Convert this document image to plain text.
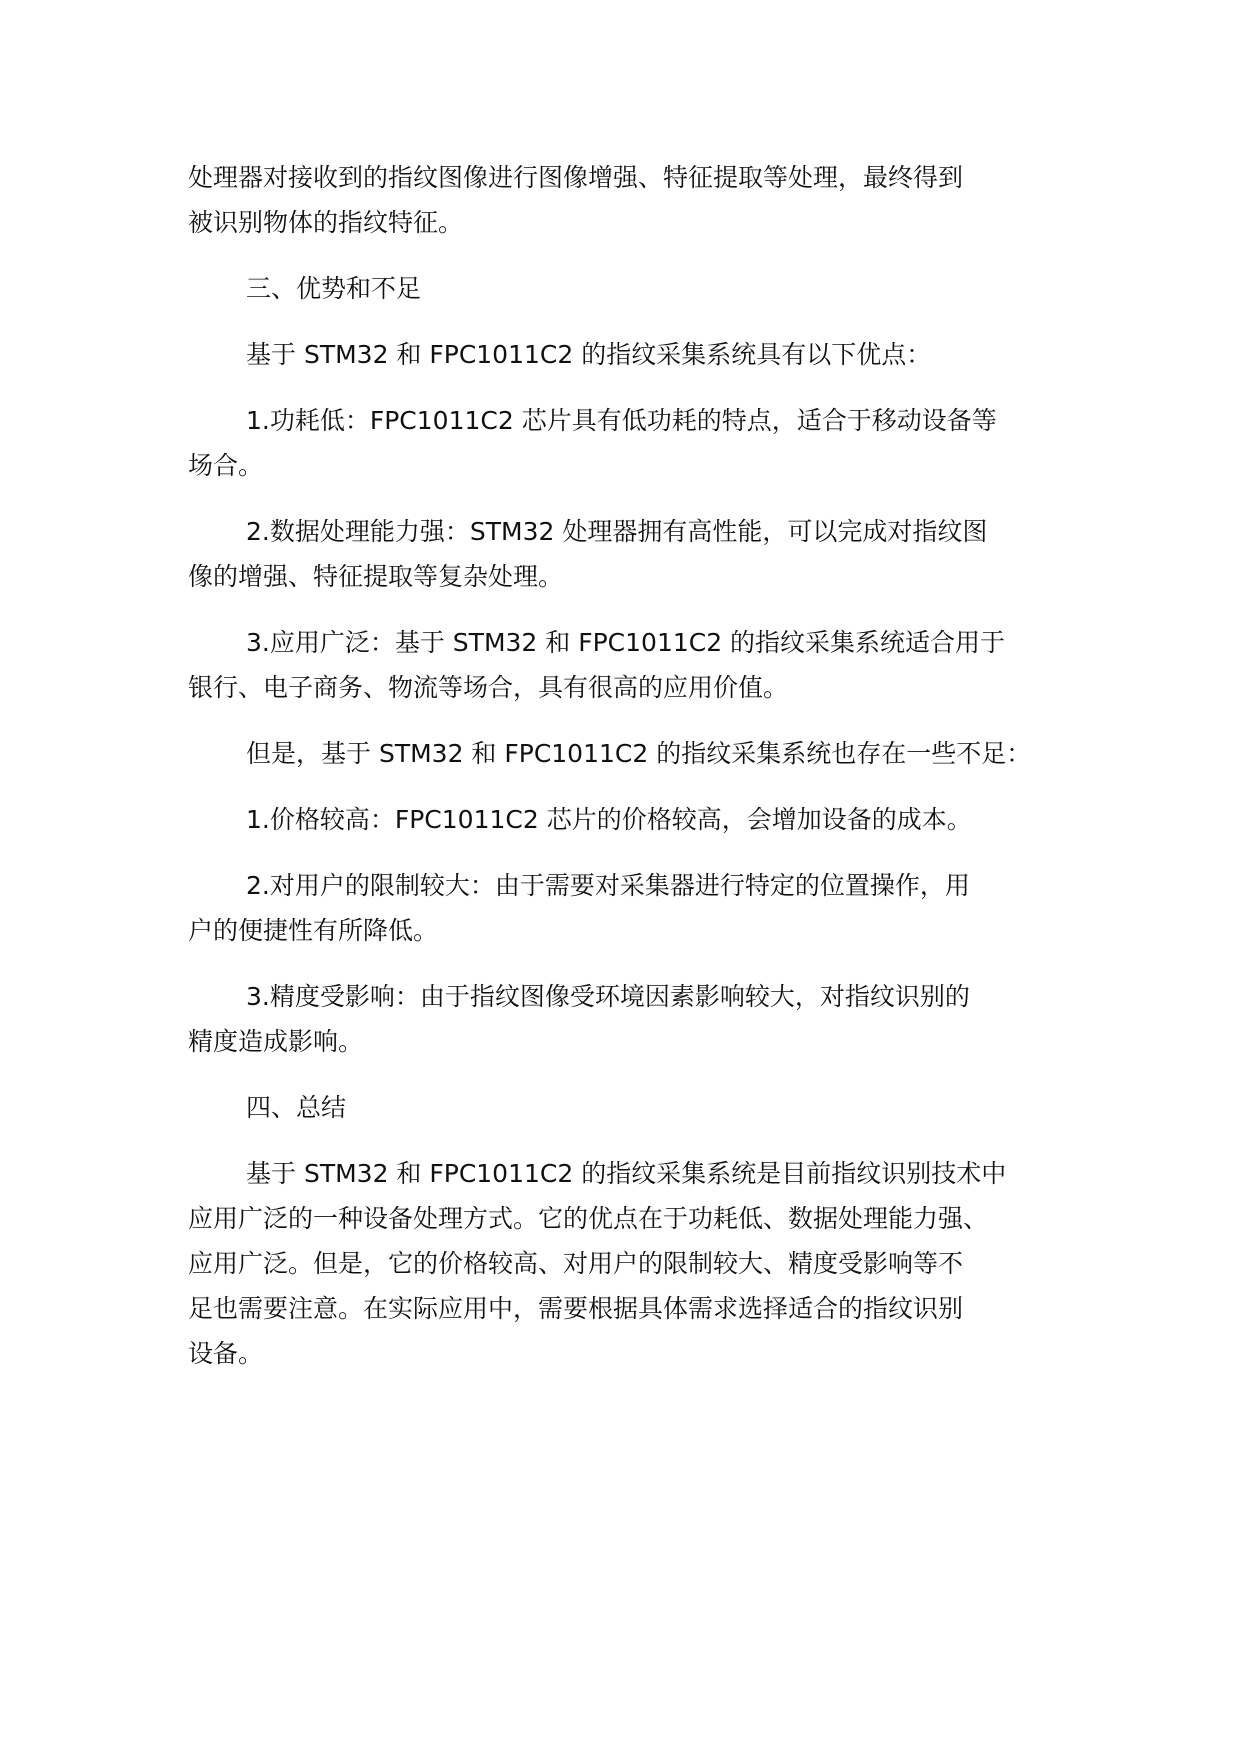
处理器对接收到的指纹图像进行图像增强、特征提取等处理，最终得到
被识别物体的指纹特征。

三、优势和不足

基于 STM32 和 FPC1011C2 的指纹采集系统具有以下优点：

1.功耗低：FPC1011C2 芯片具有低功耗的特点，适合于移动设备等
场合。

2.数据处理能力强：STM32 处理器拥有高性能，可以完成对指纹图
像的增强、特征提取等复杂处理。

3.应用广泛：基于 STM32 和 FPC1011C2 的指纹采集系统适合用于
银行、电子商务、物流等场合，具有很高的应用价值。

但是，基于 STM32 和 FPC1011C2 的指纹采集系统也存在一些不足：

1.价格较高：FPC1011C2 芯片的价格较高，会增加设备的成本。

2.对用户的限制较大：由于需要对采集器进行特定的位置操作，用
户的便捷性有所降低。

3.精度受影响：由于指纹图像受环境因素影响较大，对指纹识别的
精度造成影响。

四、总结

基于 STM32 和 FPC1011C2 的指纹采集系统是目前指纹识别技术中
应用广泛的一种设备处理方式。它的优点在于功耗低、数据处理能力强、
应用广泛。但是，它的价格较高、对用户的限制较大、精度受影响等不
足也需要注意。在实际应用中，需要根据具体需求选择适合的指纹识别
设备。
